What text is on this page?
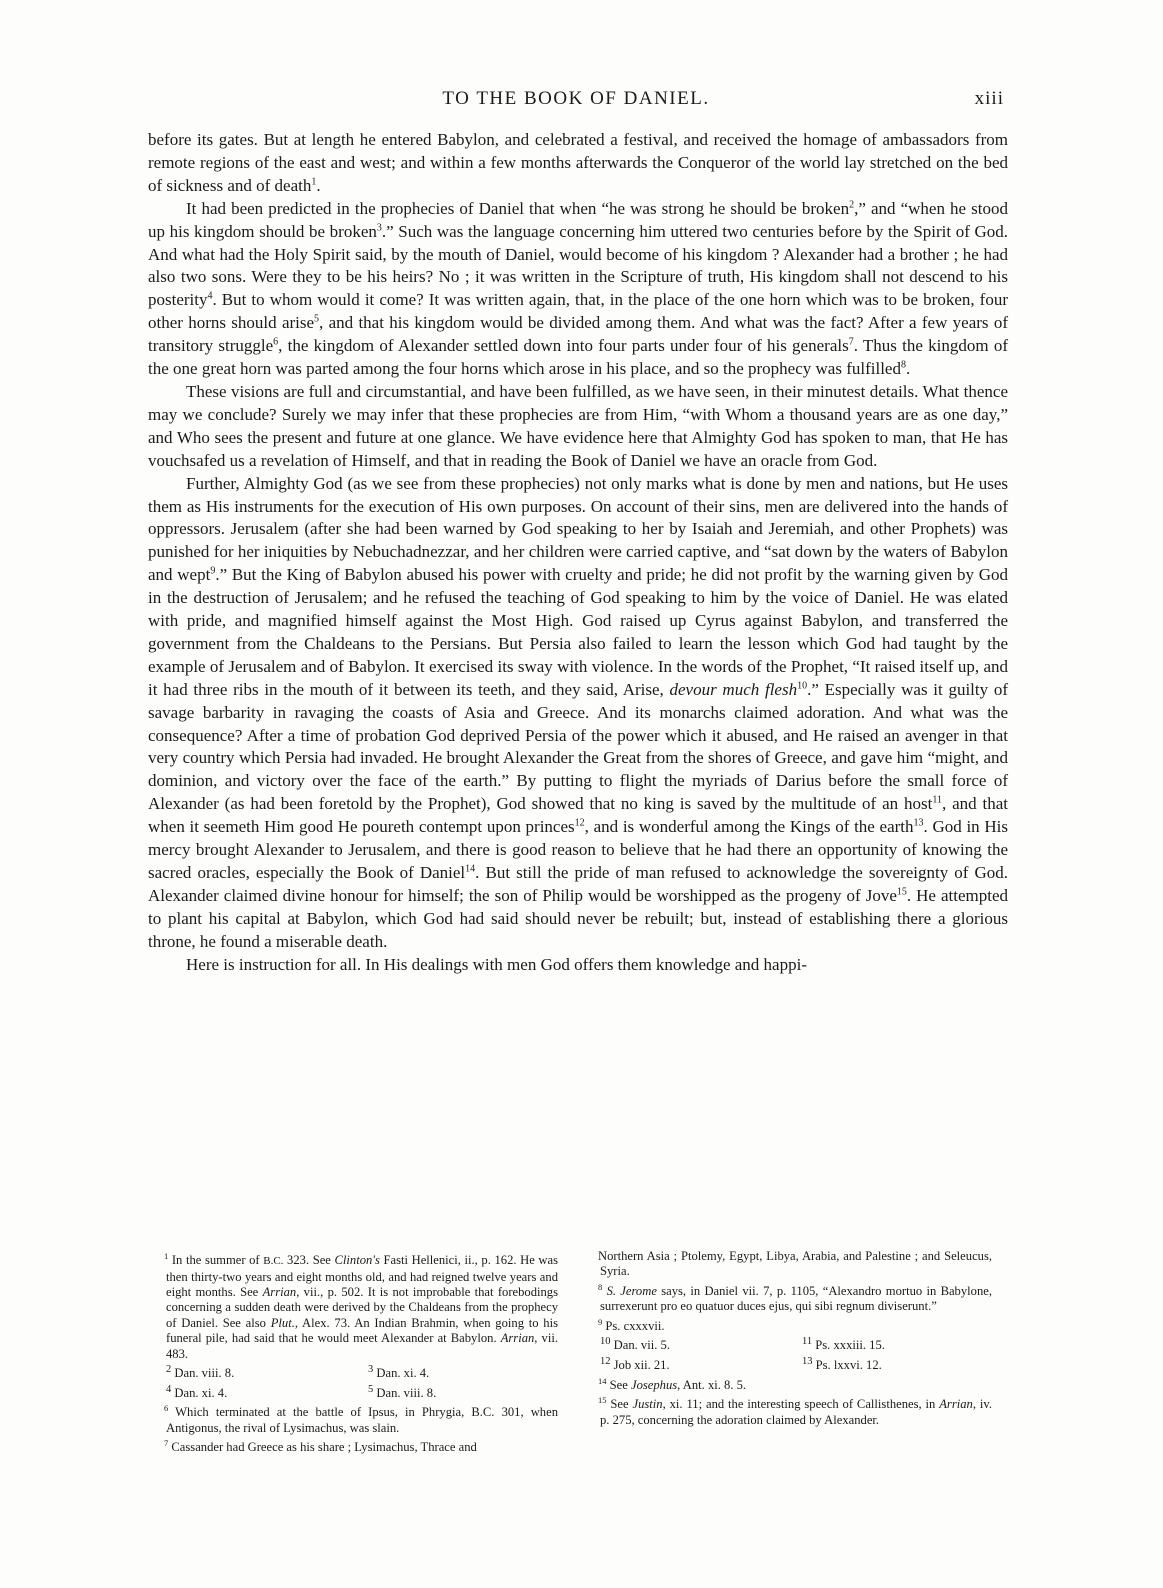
TO THE BOOK OF DANIEL.	xiii

before its gates. But at length he entered Babylon, and celebrated a festival, and received the homage of ambassadors from remote regions of the east and west; and within a few months afterwards the Conqueror of the world lay stretched on the bed of sickness and of death$^1$.

It had been predicted in the prophecies of Daniel that when “he was strong he should be broken$^2$,” and “when he stood up his kingdom should be broken$^3$.” Such was the language concerning him uttered two centuries before by the Spirit of God. And what had the Holy Spirit said, by the mouth of Daniel, would become of his kingdom ? Alexander had a brother ; he had also two sons. Were they to be his heirs? No ; it was written in the Scripture of truth, His kingdom shall not descend to his posterity$^4$. But to whom would it come? It was written again, that, in the place of the one horn which was to be broken, four other horns should arise$^5$, and that his kingdom would be divided among them. And what was the fact? After a few years of transitory struggle$^6$, the kingdom of Alexander settled down into four parts under four of his generals$^7$. Thus the kingdom of the one great horn was parted among the four horns which arose in his place, and so the prophecy was fulfilled$^8$.

These visions are full and circumstantial, and have been fulfilled, as we have seen, in their minutest details. What thence may we conclude? Surely we may infer that these prophecies are from Him, “with Whom a thousand years are as one day,” and Who sees the present and future at one glance. We have evidence here that Almighty God has spoken to man, that He has vouchsafed us a revelation of Himself, and that in reading the Book of Daniel we have an oracle from God.

Further, Almighty God (as we see from these prophecies) not only marks what is done by men and nations, but He uses them as His instruments for the execution of His own purposes. On account of their sins, men are delivered into the hands of oppressors. Jerusalem (after she had been warned by God speaking to her by Isaiah and Jeremiah, and other Prophets) was punished for her iniquities by Nebuchadnezzar, and her children were carried captive, and “sat down by the waters of Babylon and wept$^9$.” But the King of Babylon abused his power with cruelty and pride; he did not profit by the warning given by God in the destruction of Jerusalem; and he refused the teaching of God speaking to him by the voice of Daniel. He was elated with pride, and magnified himself against the Most High. God raised up Cyrus against Babylon, and transferred the government from the Chaldeans to the Persians. But Persia also failed to learn the lesson which God had taught by the example of Jerusalem and of Babylon. It exercised its sway with violence. In the words of the Prophet, “It raised itself up, and it had three ribs in the mouth of it between its teeth, and they said, Arise, devour much flesh$^{10}$.” Especially was it guilty of savage barbarity in ravaging the coasts of Asia and Greece. And its monarchs claimed adoration. And what was the consequence? After a time of probation God deprived Persia of the power which it abused, and He raised an avenger in that very country which Persia had invaded. He brought Alexander the Great from the shores of Greece, and gave him “might, and dominion, and victory over the face of the earth.” By putting to flight the myriads of Darius before the small force of Alexander (as had been foretold by the Prophet), God showed that no king is saved by the multitude of an host$^{11}$, and that when it seemeth Him good He poureth contempt upon princes$^{12}$, and is wonderful among the Kings of the earth$^{13}$. God in His mercy brought Alexander to Jerusalem, and there is good reason to believe that he had there an opportunity of knowing the sacred oracles, especially the Book of Daniel$^{14}$. But still the pride of man refused to acknowledge the sovereignty of God. Alexander claimed divine honour for himself; the son of Philip would be worshipped as the progeny of Jove$^{15}$. He attempted to plant his capital at Babylon, which God had said should never be rebuilt; but, instead of establishing there a glorious throne, he found a miserable death.

Here is instruction for all. In His dealings with men God offers them knowledge and happi-

$^1$ In the summer of B.C. 323. See Clinton's Fasti Hellenici, ii., p. 162. He was then thirty-two years and eight months old, and had reigned twelve years and eight months. See Arrian, vii., p. 502. It is not improbable that forebodings concerning a sudden death were derived by the Chaldeans from the prophecy of Daniel. See also Plut., Alex. 73. An Indian Brahmin, when going to his funeral pile, had said that he would meet Alexander at Babylon. Arrian, vii. 483.

$^2$ Dan. viii. 8.	$^3$ Dan. xi. 4.
$^4$ Dan. xi. 4.	$^5$ Dan. viii. 8.

$^6$ Which terminated at the battle of Ipsus, in Phrygia, B.C. 301, when Antigonus, the rival of Lysimachus, was slain.

$^7$ Cassander had Greece as his share ; Lysimachus, Thrace and

Northern Asia ; Ptolemy, Egypt, Libya, Arabia, and Palestine ; and Seleucus, Syria.

$^8$ S. Jerome says, in Daniel vii. 7, p. 1105, “Alexandro mortuo in Babylone, surrexerunt pro eo quatuor duces ejus, qui sibi regnum diviserunt.”

$^9$ Ps. cxxxvii.

$^{10}$ Dan. vii. 5.	$^{11}$ Ps. xxxiii. 15.
$^{12}$ Job xii. 21.	$^{13}$ Ps. lxxvi. 12.

$^{14}$ See Josephus, Ant. xi. 8. 5.

$^{15}$ See Justin, xi. 11; and the interesting speech of Callisthenes, in Arrian, iv. p. 275, concerning the adoration claimed by Alexander.
